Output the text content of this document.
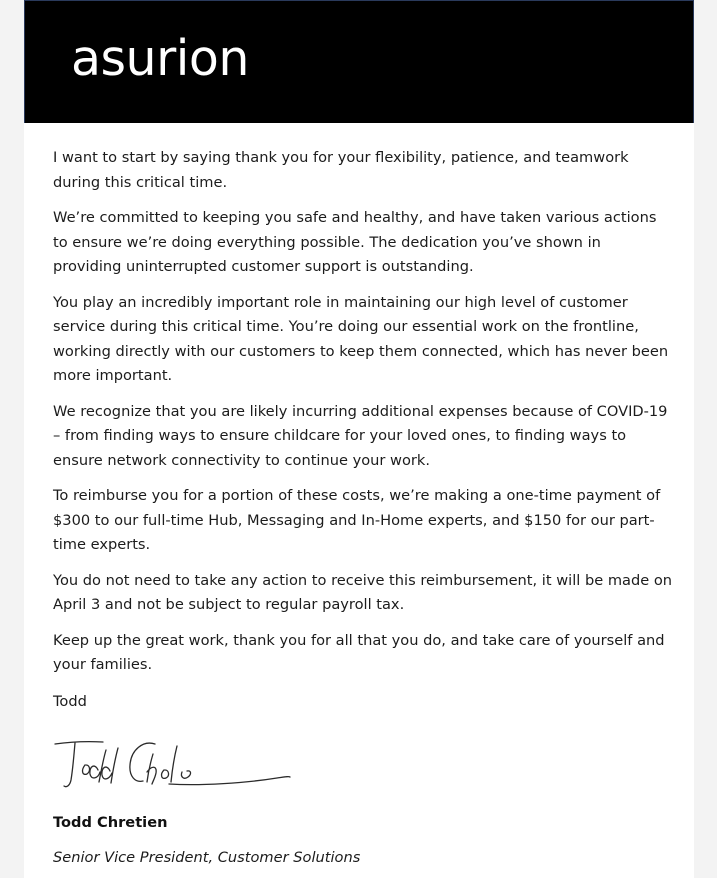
asurion

I want to start by saying thank you for your flexibility, patience, and teamwork during this critical time.

We’re committed to keeping you safe and healthy, and have taken various actions to ensure we’re doing everything possible. The dedication you’ve shown in providing uninterrupted customer support is outstanding.

You play an incredibly important role in maintaining our high level of customer service during this critical time. You’re doing our essential work on the frontline, working directly with our customers to keep them connected, which has never been more important.

We recognize that you are likely incurring additional expenses because of COVID-19 – from finding ways to ensure childcare for your loved ones, to finding ways to ensure network connectivity to continue your work.

To reimburse you for a portion of these costs, we’re making a one-time payment of $300 to our full-time Hub, Messaging and In-Home experts, and $150 for our part-time experts.

You do not need to take any action to receive this reimbursement, it will be made on April 3 and not be subject to regular payroll tax.

Keep up the great work, thank you for all that you do, and take care of yourself and your families.

Todd
Todd Chretien
Senior Vice President, Customer Solutions
